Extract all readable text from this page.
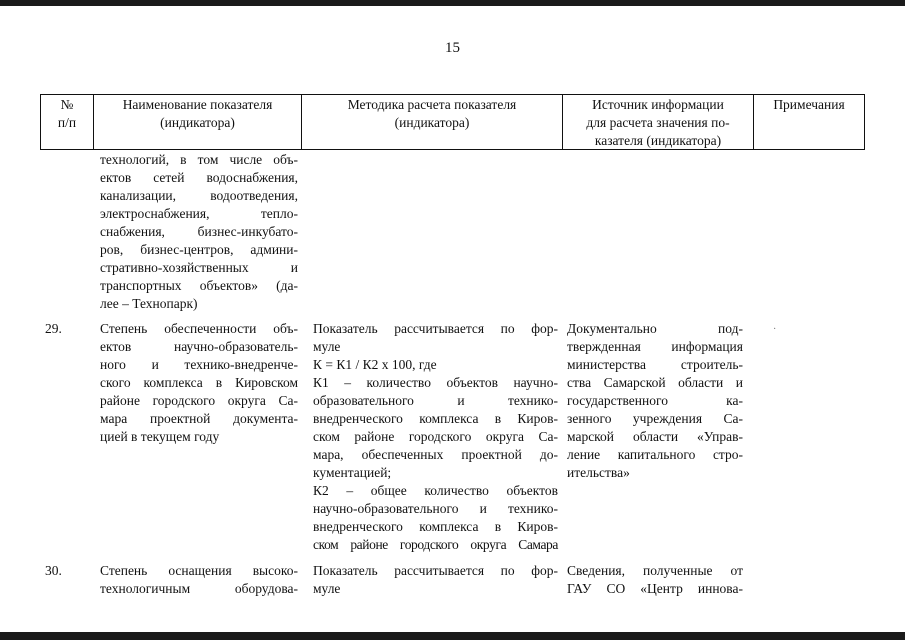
15
№
п/п
Наименование показателя
(индикатора)
Методика расчета показателя
(индикатора)
Источник информации
для расчета значения по-
казателя (индикатора)
Примечания
технологий, в том числе объ-
ектов сетей водоснабжения,
канализации, водоотведения,
электроснабжения, тепло-
снабжения, бизнес-инкубато-
ров, бизнес-центров, админи-
стративно-хозяйственных и
транспортных объектов» (да-
лее – Технопарк)
29.	Степень обеспеченности объ-
ектов научно-образователь-
ного и технико-внедренче-
ского комплекса в Кировском
районе городского округа Са-
мара проектной документа-
цией в текущем году
Показатель рассчитывается по фор-
муле
К = К1 / К2 х 100, где
К1 – количество объектов научно-
образовательного и технико-
внедренческого комплекса в Киров-
ском районе городского округа Са-
мара, обеспеченных проектной до-
кументацией;
К2 – общее количество объектов
научно-образовательного и технико-
внедренческого комплекса в Киров-
ском районе городского округа Самара
Документально под-
твержденная информация
министерства строитель-
ства Самарской области и
государственного ка-
зенного учреждения Са-
марской области «Управ-
ление капитального стро-
ительства»
·
30.	Степень оснащения высоко-
технологичным оборудова-
Показатель рассчитывается по фор-
муле
Сведения, полученные от
ГАУ СО «Центр иннова-
